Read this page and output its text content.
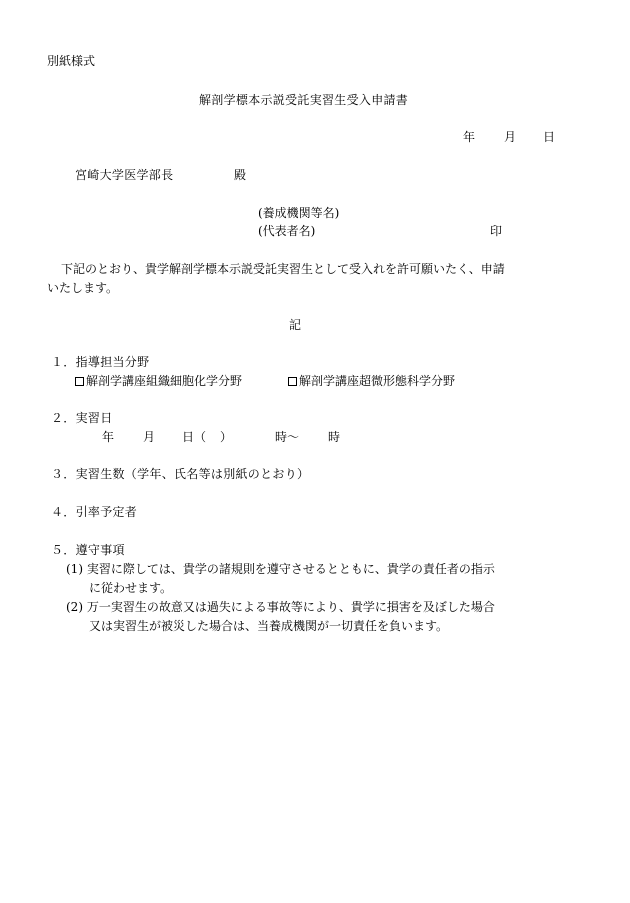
別紙様式
解剖学標本示説受託実習生受入申請書
年 月 日
宮崎大学医学部長	殿
(養成機関等名)
(代表者名)	印
下記のとおり、貴学解剖学標本示説受託実習生として受入れを許可願いたく、申請
いたします。
記
１．指導担当分野
解剖学講座組織細胞化学分野	解剖学講座超微形態科学分野
２．実習日
年 月 日（ ）	時～ 時
３．実習生数（学年、氏名等は別紙のとおり）
４．引率予定者
５．遵守事項
(1) 実習に際しては、貴学の諸規則を遵守させるとともに、貴学の責任者の指示
に従わせます。
(2) 万一実習生の故意又は過失による事故等により、貴学に損害を及ぼした場合
又は実習生が被災した場合は、当養成機関が一切責任を負います。
